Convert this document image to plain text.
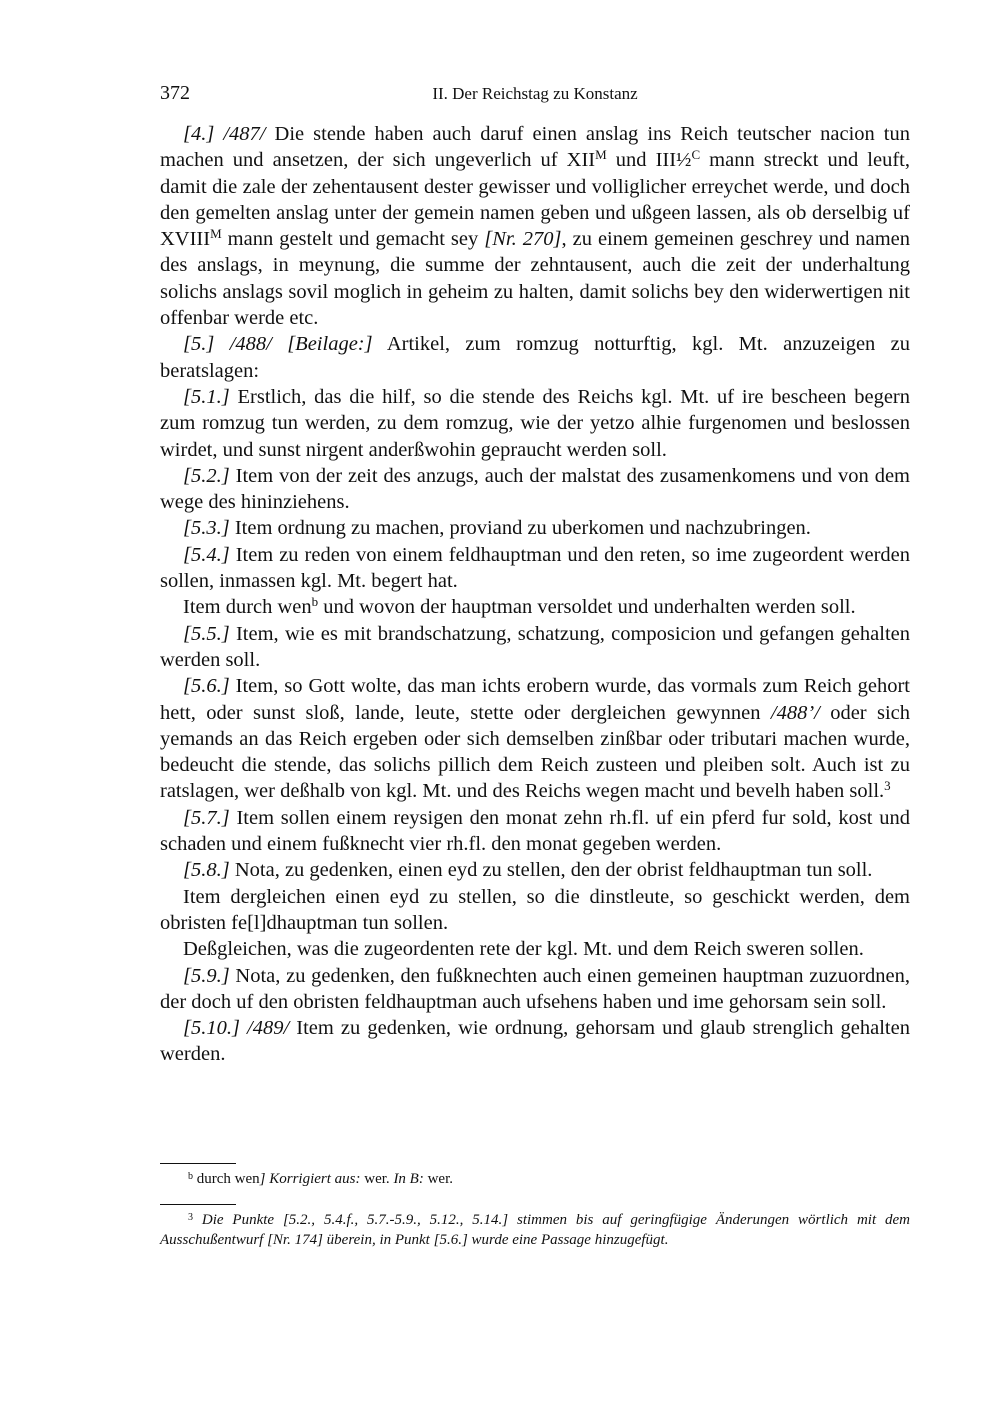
372	II. Der Reichstag zu Konstanz

[4.] /487/ Die stende haben auch daruf einen anslag ins Reich teutscher nacion tun machen und ansetzen, der sich ungeverlich uf $XII^M$ und III½$^C$ mann streckt und leuft, damit die zale der zehentausent dester gewisser und volliglicher erreychet werde, und doch den gemelten anslag unter der gemein namen geben und ußgeen lassen, als ob derselbig uf $XVIII^M$ mann gestelt und gemacht sey [Nr. 270], zu einem gemeinen geschrey und namen des anslags, in meynung, die summe der zehntausent, auch die zeit der underhaltung solichs anslags sovil moglich in geheim zu halten, damit solichs bey den widerwertigen nit offenbar werde etc.

[5.] /488/ [Beilage:] Artikel, zum romzug notturftig, kgl. Mt. anzuzeigen zu beratslagen:

[5.1.] Erstlich, das die hilf, so die stende des Reichs kgl. Mt. uf ire bescheen begern zum romzug tun werden, zu dem romzug, wie der yetzo alhie furgenomen und beslossen wirdet, und sunst nirgent anderßwohin gepraucht werden soll.

[5.2.] Item von der zeit des anzugs, auch der malstat des zusamenkomens und von dem wege des hininziehens.

[5.3.] Item ordnung zu machen, proviand zu uberkomen und nachzubringen.

[5.4.] Item zu reden von einem feldhauptman und den reten, so ime zugeordent werden sollen, inmassen kgl. Mt. begert hat.

Item durch wen$^b$ und wovon der hauptman versoldet und underhalten werden soll.

[5.5.] Item, wie es mit brandschatzung, schatzung, composicion und gefangen gehalten werden soll.

[5.6.] Item, so Gott wolte, das man ichts erobern wurde, das vormals zum Reich gehort hett, oder sunst sloß, lande, leute, stette oder dergleichen gewynnen /488’/ oder sich yemands an das Reich ergeben oder sich demselben zinßbar oder tributari machen wurde, bedeucht die stende, das solichs pillich dem Reich zusteen und pleiben solt. Auch ist zu ratslagen, wer deßhalb von kgl. Mt. und des Reichs wegen macht und bevelh haben soll.$^3$

[5.7.] Item sollen einem reysigen den monat zehn rh.fl. uf ein pferd fur sold, kost und schaden und einem fußknecht vier rh.fl. den monat gegeben werden.

[5.8.] Nota, zu gedenken, einen eyd zu stellen, den der obrist feldhauptman tun soll.

Item dergleichen einen eyd zu stellen, so die dinstleute, so geschickt werden, dem obristen fe[l]dhauptman tun sollen.

Deßgleichen, was die zugeordenten rete der kgl. Mt. und dem Reich sweren sollen.

[5.9.] Nota, zu gedenken, den fußknechten auch einen gemeinen hauptman zuzuordnen, der doch uf den obristen feldhauptman auch ufsehens haben und ime gehorsam sein soll.

[5.10.] /489/ Item zu gedenken, wie ordnung, gehorsam und glaub strenglich gehalten werden.

$^b$ durch wen] Korrigiert aus: wer. In B: wer.
$^3$ Die Punkte [5.2., 5.4.f., 5.7.-5.9., 5.12., 5.14.] stimmen bis auf geringfügige Änderungen wörtlich mit dem Ausschußentwurf [Nr. 174] überein, in Punkt [5.6.] wurde eine Passage hinzugefügt.
